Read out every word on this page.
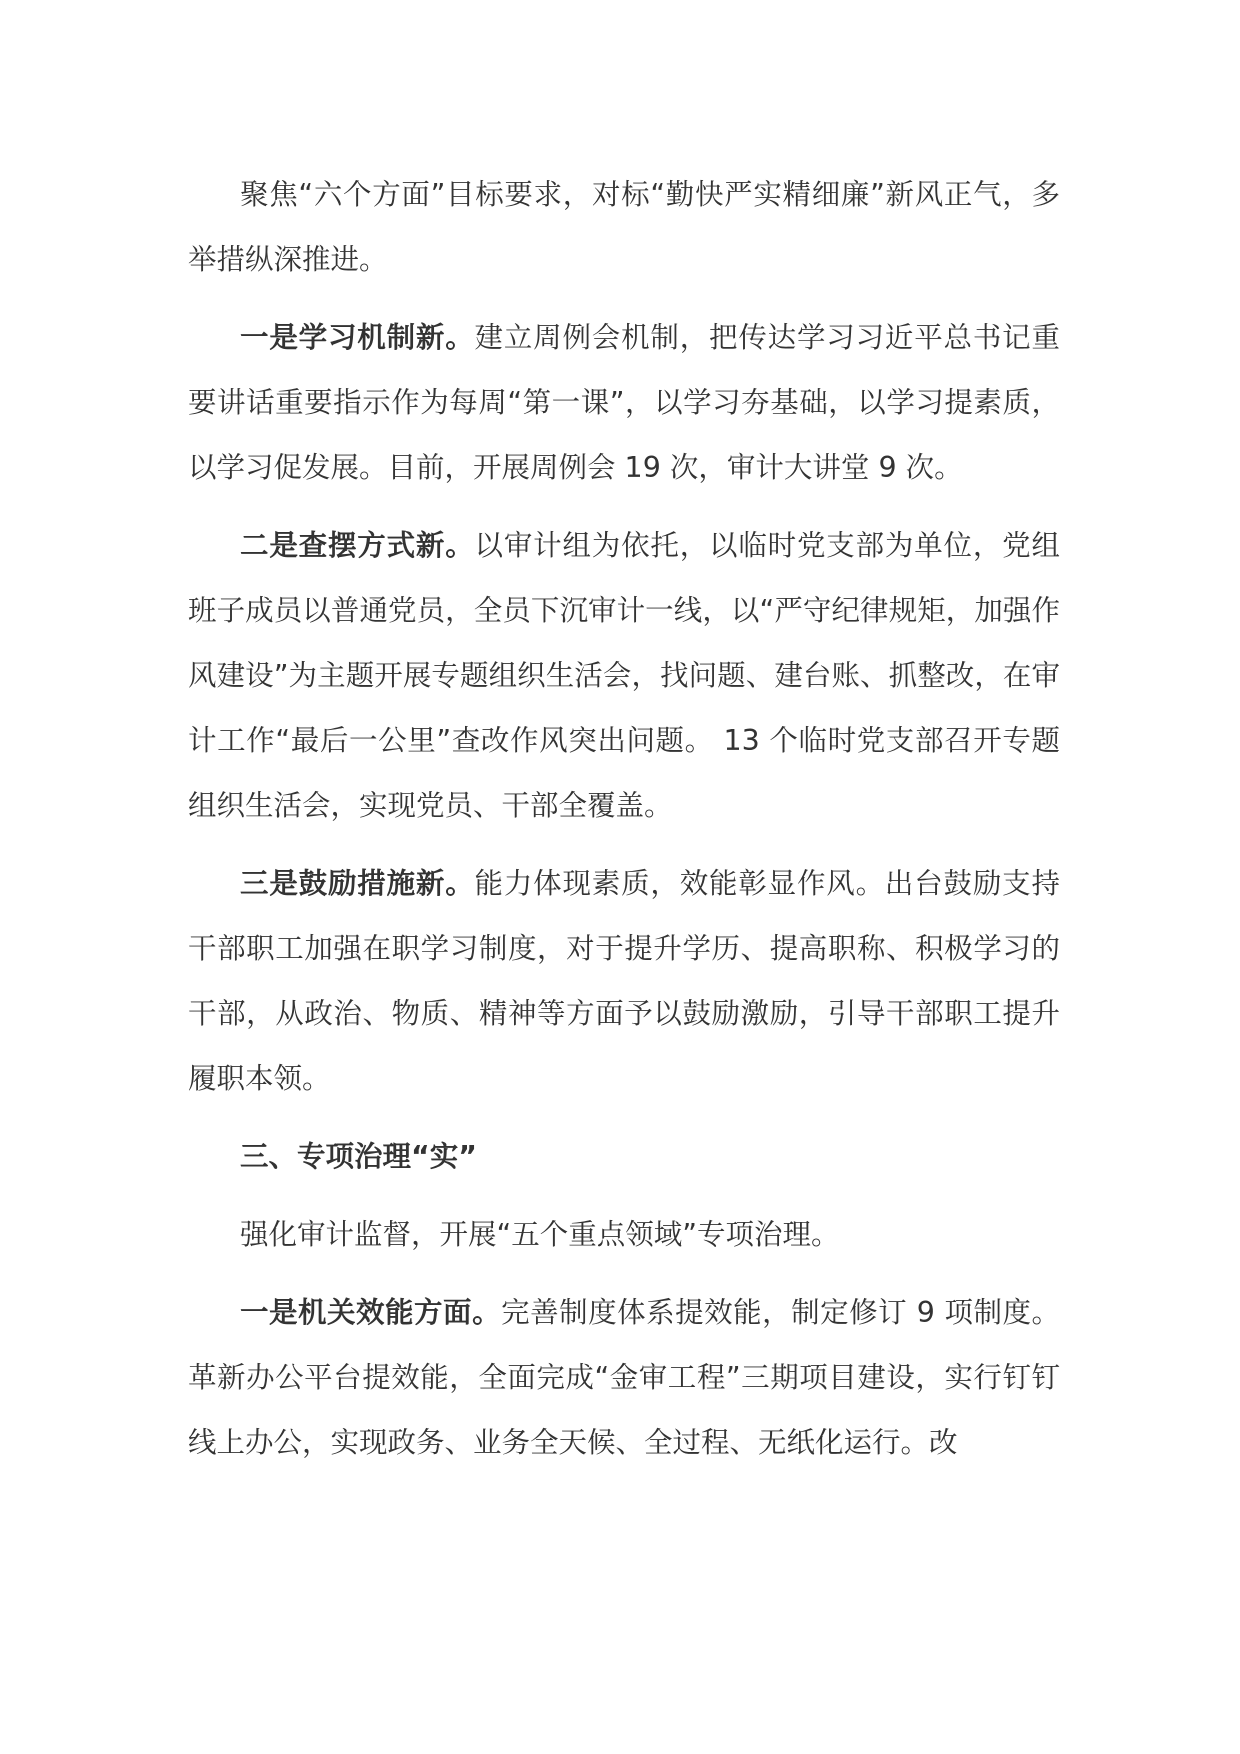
聚焦“六个方面”目标要求，对标“勤快严实精细廉”新风正气，多举措纵深推进。

一是学习机制新。建立周例会机制，把传达学习习近平总书记重要讲话重要指示作为每周“第一课”，以学习夯基础，以学习提素质，以学习促发展。目前，开展周例会 19 次，审计大讲堂 9 次。

二是查摆方式新。以审计组为依托，以临时党支部为单位，党组班子成员以普通党员，全员下沉审计一线，以“严守纪律规矩，加强作风建设”为主题开展专题组织生活会，找问题、建台账、抓整改，在审计工作“最后一公里”查改作风突出问题。 13 个临时党支部召开专题组织生活会，实现党员、干部全覆盖。

三是鼓励措施新。能力体现素质，效能彰显作风。出台鼓励支持干部职工加强在职学习制度，对于提升学历、提高职称、积极学习的干部，从政治、物质、精神等方面予以鼓励激励，引导干部职工提升履职本领。

三、专项治理“实”

强化审计监督，开展“五个重点领域”专项治理。

一是机关效能方面。完善制度体系提效能，制定修订 9 项制度。革新办公平台提效能，全面完成“金审工程”三期项目建设，实行钉钉线上办公，实现政务、业务全天候、全过程、无纸化运行。改
